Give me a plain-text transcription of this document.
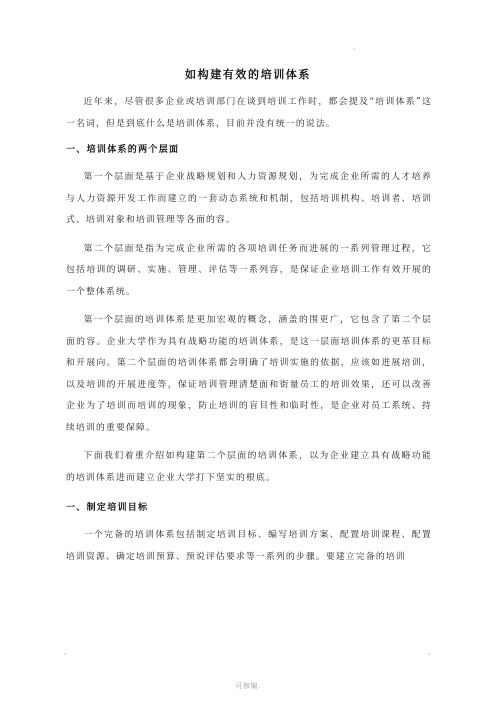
·
如构建有效的培训体系

近年来，尽管很多企业或培训部门在谈到培训工作时，都会提及“培训体系”这一名词，但是到底什么是培训体系，目前并没有统一的说法。

一、培训体系的两个层面

第一个层面是基于企业战略规划和人力资源规划，为完成企业所需的人才培养与人力资源开发工作而建立的一套动态系统和机制，包括培训机构、培训者、培训式、培训对象和培训管理等各面的容。

第二个层面是指为完成企业所需的各项培训任务而进展的一系列管理过程，它包括培训的调研、实施、管理、评估等一系列容，是保证企业培训工作有效开展的一个整体系统。

第一个层面的培训体系是更加宏观的概念，涵盖的围更广，它包含了第二个层面的容。企业大学作为具有战略功能的培训体系，是这一层面培训体系的更革目标和开展向。第二个层面的培训体系都会明确了培训实施的依据，应该如进展培训，以及培训的开展进度等，保证培训管理清楚面和街量员工的培训效果，还可以改善企业为了培训而培训的现象，防止培训的盲目性和临时性，是企业对员工系统、持续培训的重要保障。

下面我们着重介绍如构建第二个层面的培训体系，以为企业建立具有战略功能的培训体系进而建立企业大学打下坚实的根底。

一、制定培训目标

一个完备的培训体系包括制定培训目标、编写培训方案、配置培训课程、配置培训资源、确定培训预算、预说评估要求等一系列的步骤。要建立完备的培训

·	·
可修编.
